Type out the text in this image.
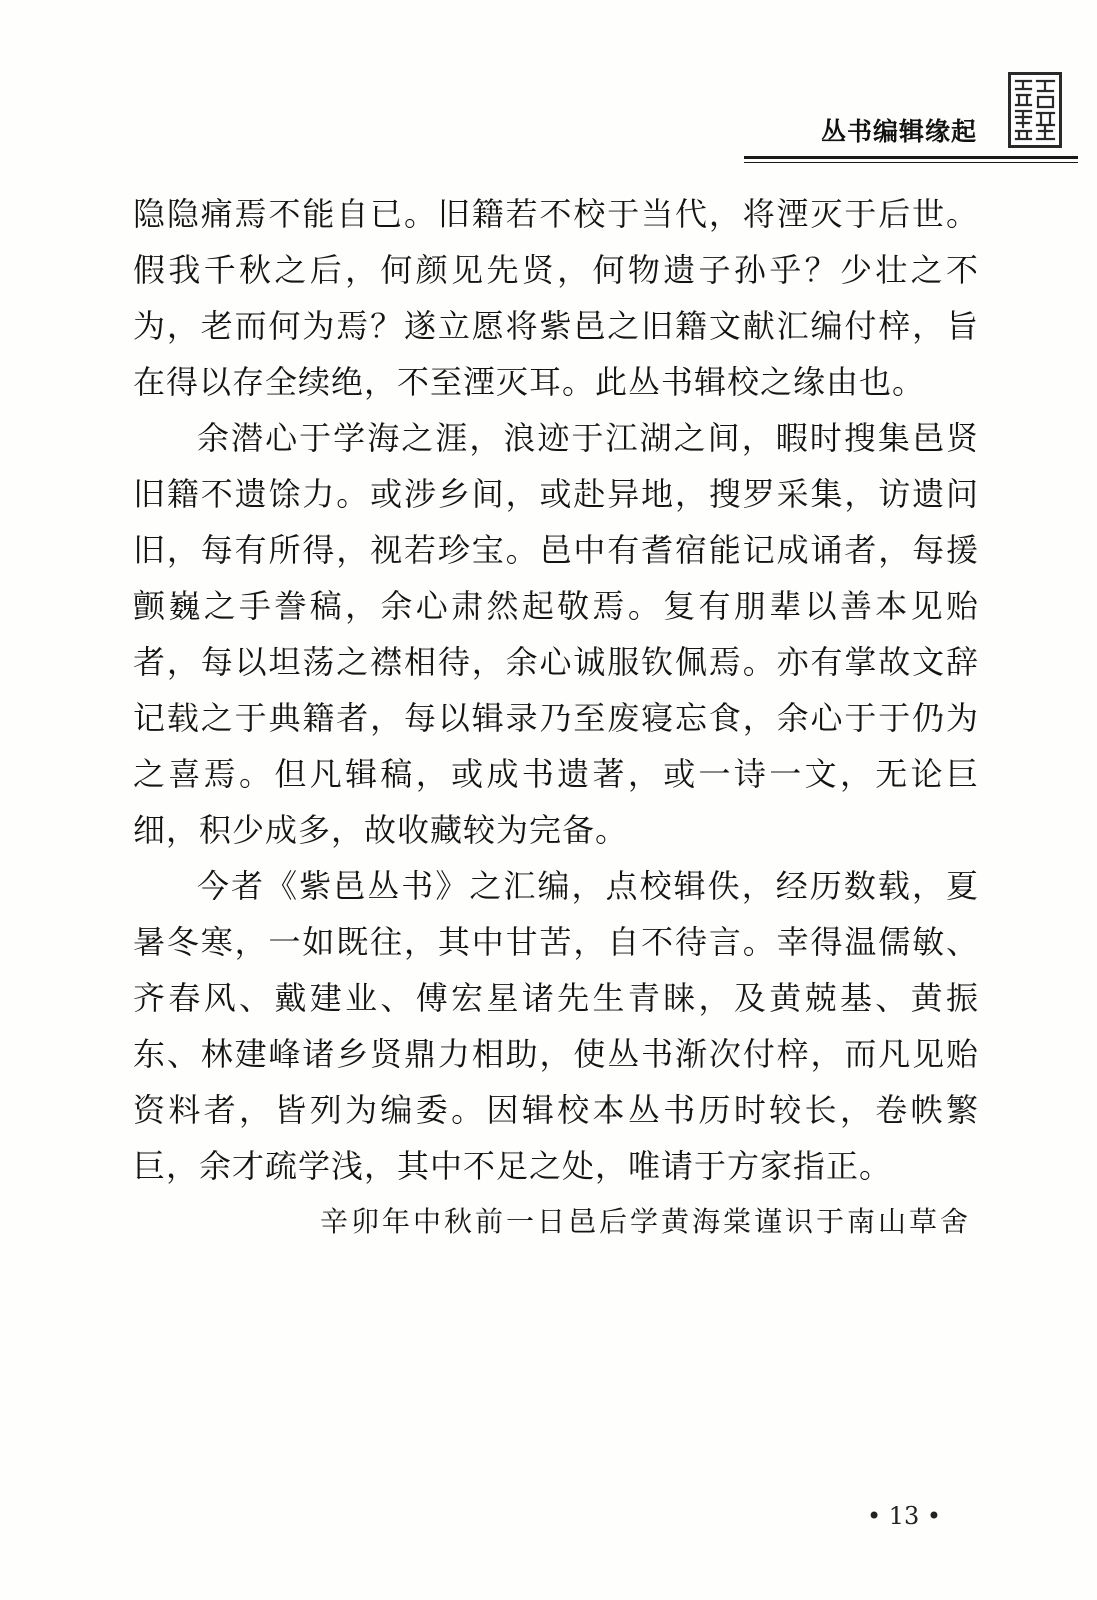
丛书编辑缘起

隐隐痛焉不能自已。旧籍若不校于当代，将湮灭于后世。假我千秋之后，何颜见先贤，何物遗子孙乎？少壮之不为，老而何为焉？遂立愿将紫邑之旧籍文献汇编付梓，旨在得以存全续绝，不至湮灭耳。此丛书辑校之缘由也。

余潜心于学海之涯，浪迹于江湖之间，暇时搜集邑贤旧籍不遗馀力。或涉乡间，或赴异地，搜罗采集，访遗问旧，每有所得，视若珍宝。邑中有耆宿能记成诵者，每援颤巍之手誊稿，余心肃然起敬焉。复有朋辈以善本见贻者，每以坦荡之襟相待，余心诚服钦佩焉。亦有掌故文辞记载之于典籍者，每以辑录乃至废寝忘食，余心于于仍为之喜焉。但凡辑稿，或成书遗著，或一诗一文，无论巨细，积少成多，故收藏较为完备。

今者《紫邑丛书》之汇编，点校辑佚，经历数载，夏暑冬寒，一如既往，其中甘苦，自不待言。幸得温儒敏、齐春风、戴建业、傅宏星诸先生青睐，及黄兢基、黄振东、林建峰诸乡贤鼎力相助，使丛书渐次付梓，而凡见贻资料者，皆列为编委。因辑校本丛书历时较长，卷帙繁巨，余才疏学浅，其中不足之处，唯请于方家指正。

辛卯年中秋前一日邑后学黄海棠谨识于南山草舍

• 13 •
